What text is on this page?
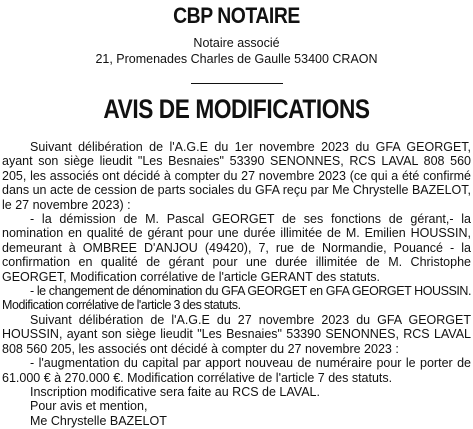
CBP NOTAIRE
Notaire associé
21, Promenades Charles de Gaulle 53400 CRAON
AVIS DE MODIFICATIONS

Suivant délibération de l'A.G.E du 1er novembre 2023 du GFA GEORGET, ayant son siège lieudit "Les Besnaies" 53390 SENONNES, RCS LAVAL 808 560 205, les associés ont décidé à compter du 27 novembre 2023 (ce qui a été confirmé dans un acte de cession de parts sociales du GFA reçu par Me Chrystelle BAZELOT, le 27 novembre 2023) :

- la démission de M. Pascal GEORGET de ses fonctions de gérant,- la nomination en qualité de gérant pour une durée illimitée de M. Emilien HOUSSIN, demeurant à OMBREE D'ANJOU (49420), 7, rue de Normandie, Pouancé - la confirmation en qualité de gérant pour une durée illimitée de M. Christophe GEORGET, Modification corrélative de l'article GERANT des statuts.

- le changement de dénomination du GFA GEORGET en GFA GEORGET HOUSSIN. Modification corrélative de l'article 3 des statuts.

Suivant délibération de l'A.G.E du 27 novembre 2023 du GFA GEORGET HOUSSIN, ayant son siège lieudit "Les Besnaies" 53390 SENONNES, RCS LAVAL 808 560 205, les associés ont décidé à compter du 27 novembre 2023 :

- l'augmentation du capital par apport nouveau de numéraire pour le porter de 61.000 € à 270.000 €. Modification corrélative de l'article 7 des statuts.

Inscription modificative sera faite au RCS de LAVAL.

Pour avis et mention,

Me Chrystelle BAZELOT
